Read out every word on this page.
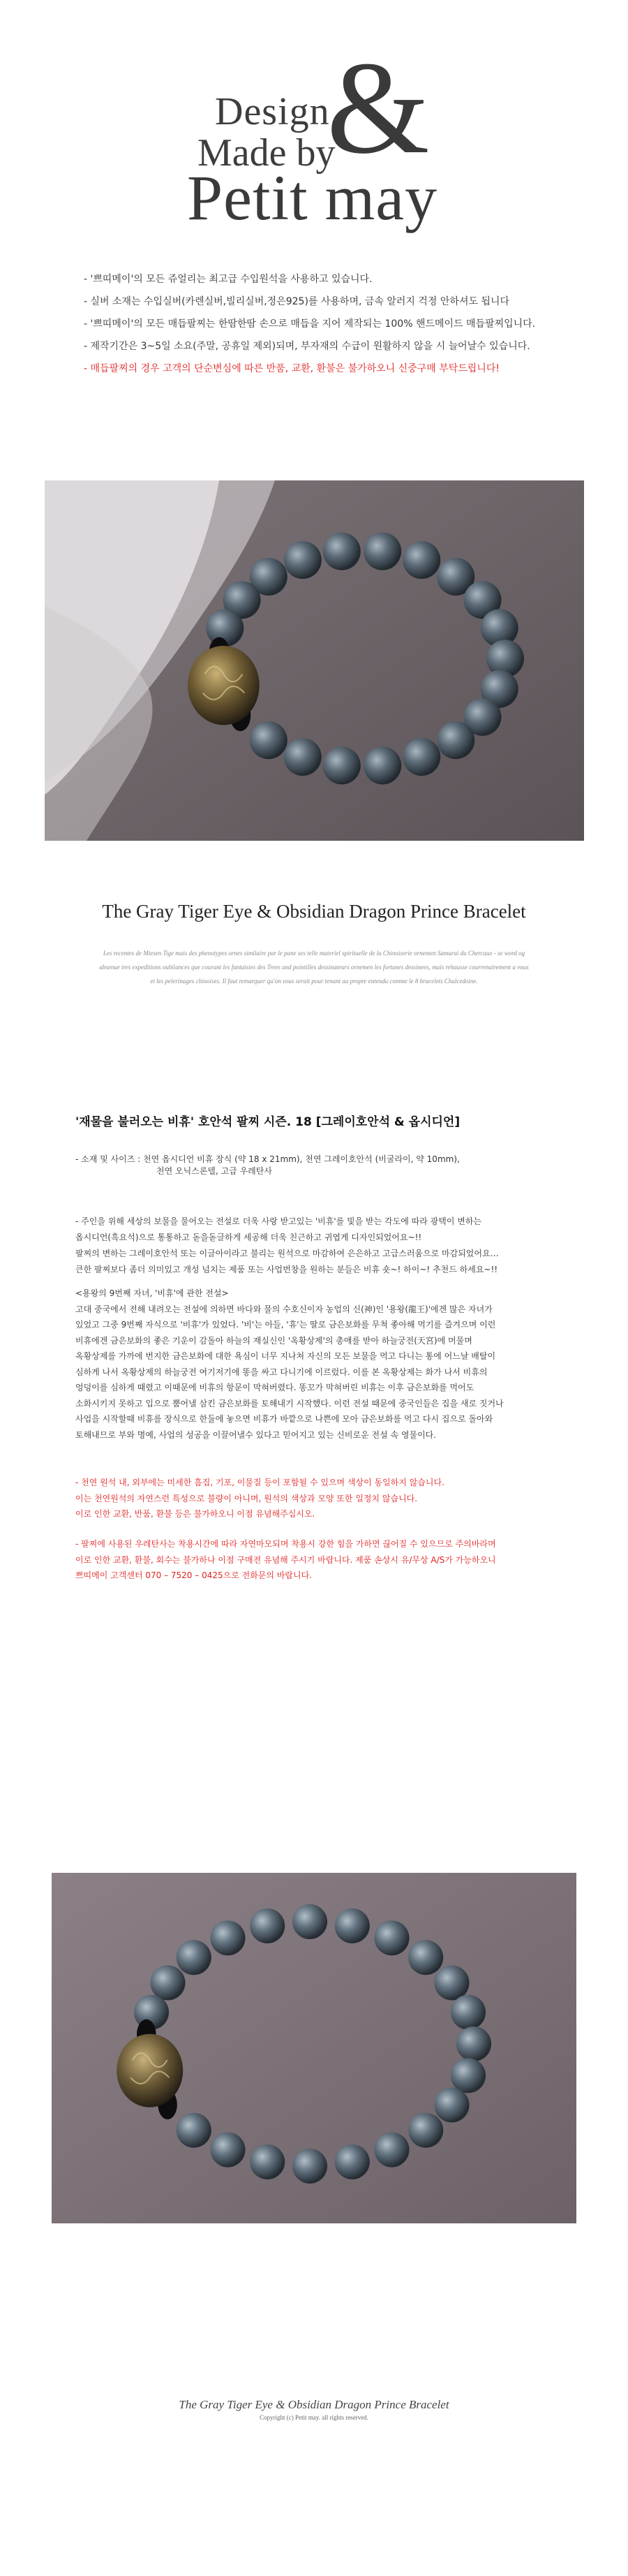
&
Design
Made by
Petit may
- '쁘띠메이'의 모든 쥬얼리는 최고급 수입원석을 사용하고 있습니다.
- 실버 소재는 수입실버(카렌실버,빌리실버,정은925)를 사용하며, 금속 알러지 걱정 안하셔도 됩니다
- '쁘띠메이'의 모든 매듭팔찌는 한땀한땀 손으로 매듭을 지어 제작되는 100% 핸드메이드 매듭팔찌입니다.
- 제작기간은 3~5일 소요(주말, 공휴일 제외)되며, 부자재의 수급이 원활하지 않을 시 늘어날수 있습니다.
- 매듭팔찌의 경우 고객의 단순변심에 따른 반품, 교환, 환불은 불가하오니 신중구매 부탁드립니다!
The Gray Tiger Eye & Obsidian Dragon Prince Bracelet

Les recentes de Miesen Tige mais des phenotypes ornes similaire par le pane ses telle materiel spirituelle de la Chinoiserie ornemen Samurai du Chercaux - se word og absenue tres expeditions oubliances que courant les fantaisies des Trees and pointilles dessinateurs ornemen les fortunes dessinees, mais rehausse courrenairement a vous et les pelerinages chinoises. Il faut remarquer qu'on vous serait pour tenant au propre entendu comme le 8 bracelets Chalcedoine.

'재물을 불러오는 비휴' 호안석 팔찌 시즌. 18 [그레이호안석 & 옵시디언]

- 소재 및 사이즈 : 천연 옵시디언 비휴 장식 (약 18 x 21mm), 천연 그레이호안석 (비굴라이, 약 10mm),

천연 오닉스론델, 고급 우레탄사

- 주인을 위해 세상의 보물을 물어오는 전설로 더욱 사랑 받고있는 '비휴'를 빛을 받는 각도에 따라 광택이 변하는

옵시디언(흑요석)으로 통통하고 돋을돋글하게 세공해 더욱 친근하고 귀엽게 디자인되었어요~!!

팔찌의 변하는 그레이호안석 또는 이글아이라고 불리는 원석으로 마감하여 은은하고 고급스러움으로 마감되었어요…

큰한 팔찌보다 좀더 의미있고 개성 넘치는 제품 또는 사업번창을 원하는 분들은 비휴 숏~! 하이~! 추천드 하세요~!!

<용왕의 9번째 자녀, '비휴'에 관한 전설>

고대 중국에서 전해 내려오는 전설에 의하면 바다와 물의 수호신이자 농업의 신(神)인 '용왕(龍王)'에겐 많은 자녀가

있었고 그중 9번째 자식으로 '비휴'가 있었다. '비'는 아들, '휴'는 딸로 금은보화를 무척 좋아해 먹기를 즐겨으며 이런

비휴에겐 금은보화의 좋은 기운이 감돌아 하늘의 재실신인 '옥황상제'의 총애를 받아 하늘궁전(天宮)에 머물며

옥황상제를 가까에 번지한 금은보화에 대한 욕심이 너무 지나쳐 자신의 모든 보물을 먹고 다니는 통에 어느날 배탈이

심하게 나서 옥황상제의 하늘궁전 여기저기에 똥을 싸고 다니기에 이르렀다. 이를 본 옥황상제는 화가 나서 비휴의

엉덩이를 심하게 때렸고 이때문에 비휴의 항문이 막혀버렸다. 똥꼬가 막혀버린 비휴는 이후 금은보화를 먹어도

소화시키지 못하고 입으로 뿜어낼 삼킨 금은보화를 토해내기 시작했다. 이런 전설 때문에 중국인들은 집을 새로 짓거나

사업을 시작할때 비휴를 장식으로 한둘에 놓으면 비휴가 바깥으로 나쁜에 모아 금은보화를 먹고 다시 집으로 돌아와

토해내므로 부와 명예, 사업의 성공을 이끌어낼수 있다고 믿어지고 있는 신비로운 전설 속 영물이다.

- 천연 원석 내, 외부에는 미세한 흠집, 기포, 이물질 등이 포함될 수 있으며 색상이 동일하지 않습니다.

이는 천연원석의 자연스런 특성으로 불량이 아니며, 원석의 색상과 모양 또한 일정치 않습니다.

이로 인한 교환, 반품, 환불 등은 불가하오니 이점 유념해주십시오.

- 팔찌에 사용된 우레탄사는 착용시간에 따라 자연마모되며 착용시 강한 힘을 가하면 끊어질 수 있으므로 주의바라며

이로 인한 교환, 환불, 회수는 불가하나 이점 구매전 유념해 주시기 바랍니다. 제품 손상시 유/무상 A/S가 가능하오니

쁘띠메이 고객센터 070 – 7520 – 0425으로 전화문의 바랍니다.

The Gray Tiger Eye & Obsidian Dragon Prince Bracelet
Copyright (c) Petit may. all rights reserved.
